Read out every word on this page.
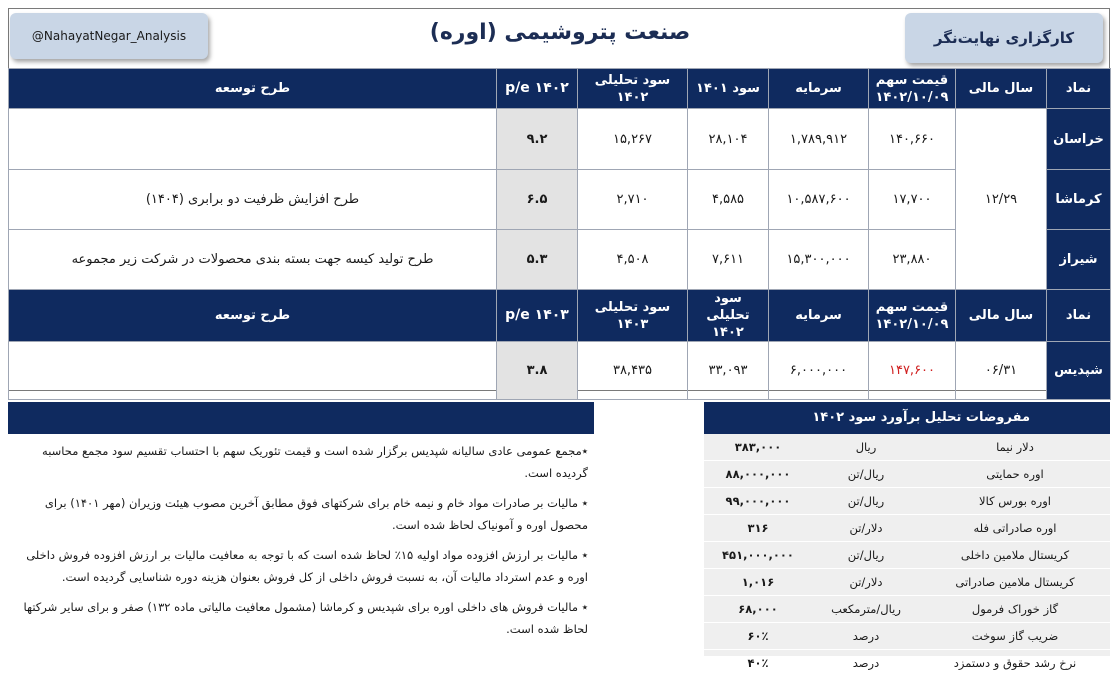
@NahayatNegar_Analysis	صنعت پتروشیمی (اوره)	کارگزاری نهایت‌نگر
نماد	سال مالی	قیمت سهم ۱۴۰۲/۱۰/۰۹	سرمایه	سود ۱۴۰۱	سود تحلیلی ۱۴۰۲	p/e ۱۴۰۲	طرح توسعه
خراسان	۱۲/۲۹	۱۴۰,۶۶۰	۱,۷۸۹,۹۱۲	۲۸,۱۰۴	۱۵,۲۶۷	۹.۲	
کرماشا		۱۷,۷۰۰	۱۰,۵۸۷,۶۰۰	۴,۵۸۵	۲,۷۱۰	۶.۵	طرح افزایش ظرفیت دو برابری (۱۴۰۴)
شیراز		۲۳,۸۸۰	۱۵,۳۰۰,۰۰۰	۷,۶۱۱	۴,۵۰۸	۵.۳	طرح تولید کیسه جهت بسته بندی محصولات در شرکت زیر مجموعه
نماد	سال مالی	قیمت سهم ۱۴۰۲/۱۰/۰۹	سرمایه	سود تحلیلی ۱۴۰۲	سود تحلیلی ۱۴۰۳	p/e ۱۴۰۳	طرح توسعه
شپدیس	۰۶/۳۱	۱۴۷,۶۰۰	۶,۰۰۰,۰۰۰	۳۳,۰۹۳	۳۸,۴۳۵	۳.۸	

٭مجمع عمومی عادی سالیانه شپدیس برگزار شده است و قیمت تئوریک سهم با احتساب تقسیم سود مجمع محاسبه گردیده است.

٭ مالیات بر صادرات مواد خام و نیمه خام برای شرکتهای فوق مطابق آخرین مصوب هیئت وزیران (مهر ۱۴۰۱) برای محصول اوره و آمونیاک لحاظ شده است.

٭ مالیات بر ارزش افزوده مواد اولیه ۱۵٪ لحاظ شده است که با توجه به معافیت مالیات بر ارزش افزوده فروش داخلی اوره و عدم استرداد مالیات آن، به نسبت فروش داخلی از کل فروش بعنوان هزینه دوره شناسایی گردیده است.

٭ مالیات فروش های داخلی اوره برای شپدیس و کرماشا (مشمول معافیت مالیاتی ماده ۱۳۲) صفر و برای سایر شرکتها لحاظ شده است.

مفروضات تحلیل برآورد سود ۱۴۰۲
دلار نیما	ریال	۳۸۳,۰۰۰
اوره حمایتی	ریال/تن	۸۸,۰۰۰,۰۰۰
اوره بورس کالا	ریال/تن	۹۹,۰۰۰,۰۰۰
اوره صادراتی فله	دلار/تن	۳۱۶
کریستال ملامین داخلی	ریال/تن	۴۵۱,۰۰۰,۰۰۰
کریستال ملامین صادراتی	دلار/تن	۱,۰۱۶
گاز خوراک فرمول	ریال/مترمکعب	۶۸,۰۰۰
ضریب گاز سوخت	درصد	۶۰٪
نرخ رشد حقوق و دستمزد	درصد	۴۰٪
